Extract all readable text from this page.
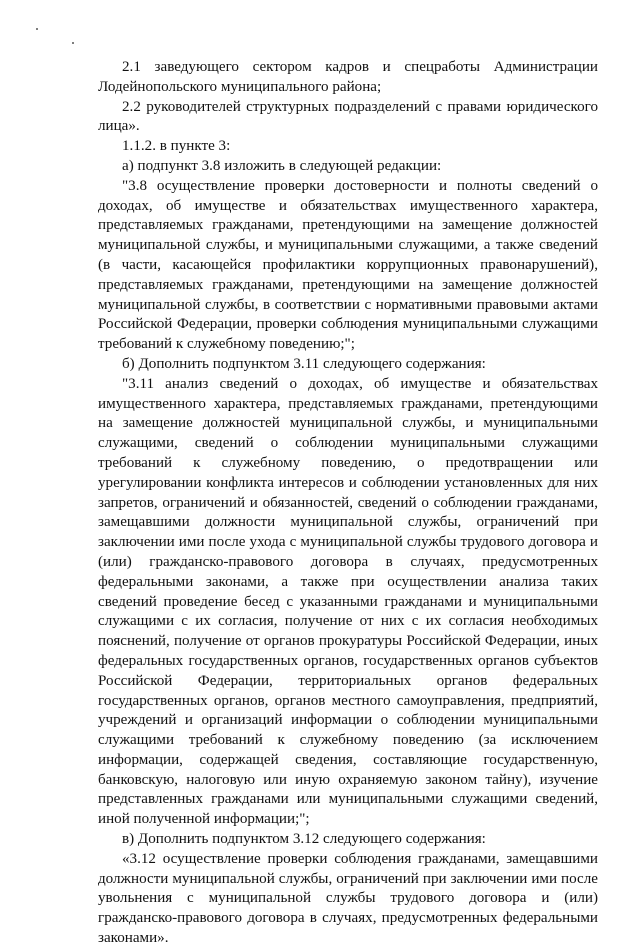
2.1 заведующего сектором кадров и спецработы Администрации Лодейнопольского муниципального района;

2.2 руководителей структурных подразделений с правами юридического лица».

1.1.2. в пункте 3:

а) подпункт 3.8 изложить в следующей редакции:

"3.8 осуществление проверки достоверности и полноты сведений о доходах, об имуществе и обязательствах имущественного характера, представляемых гражданами, претендующими на замещение должностей муниципальной службы, и муниципальными служащими, а также сведений (в части, касающейся профилактики коррупционных правонарушений), представляемых гражданами, претендующими на замещение должностей муниципальной службы, в соответствии с нормативными правовыми актами Российской Федерации, проверки соблюдения муниципальными служащими требований к служебному поведению;";

б) Дополнить подпунктом 3.11 следующего содержания:

"3.11 анализ сведений о доходах, об имуществе и обязательствах имущественного характера, представляемых гражданами, претендующими на замещение должностей муниципальной службы, и муниципальными служащими, сведений о соблюдении муниципальными служащими требований к служебному поведению, о предотвращении или урегулировании конфликта интересов и соблюдении установленных для них запретов, ограничений и обязанностей, сведений о соблюдении гражданами, замещавшими должности муниципальной службы, ограничений при заключении ими после ухода с муниципальной службы трудового договора и (или) гражданско-правового договора в случаях, предусмотренных федеральными законами, а также при осуществлении анализа таких сведений проведение бесед с указанными гражданами и муниципальными служащими с их согласия, получение от них с их согласия необходимых пояснений, получение от органов прокуратуры Российской Федерации, иных федеральных государственных органов, государственных органов субъектов Российской Федерации, территориальных органов федеральных государственных органов, органов местного самоуправления, предприятий, учреждений и организаций информации о соблюдении муниципальными служащими требований к служебному поведению (за исключением информации, содержащей сведения, составляющие государственную, банковскую, налоговую или иную охраняемую законом тайну), изучение представленных гражданами или муниципальными служащими сведений, иной полученной информации;";

в) Дополнить подпунктом 3.12 следующего содержания:

«3.12 осуществление проверки соблюдения гражданами, замещавшими должности муниципальной службы, ограничений при заключении ими после увольнения с муниципальной службы трудового договора и (или) гражданско-правового договора в случаях, предусмотренных федеральными законами».
